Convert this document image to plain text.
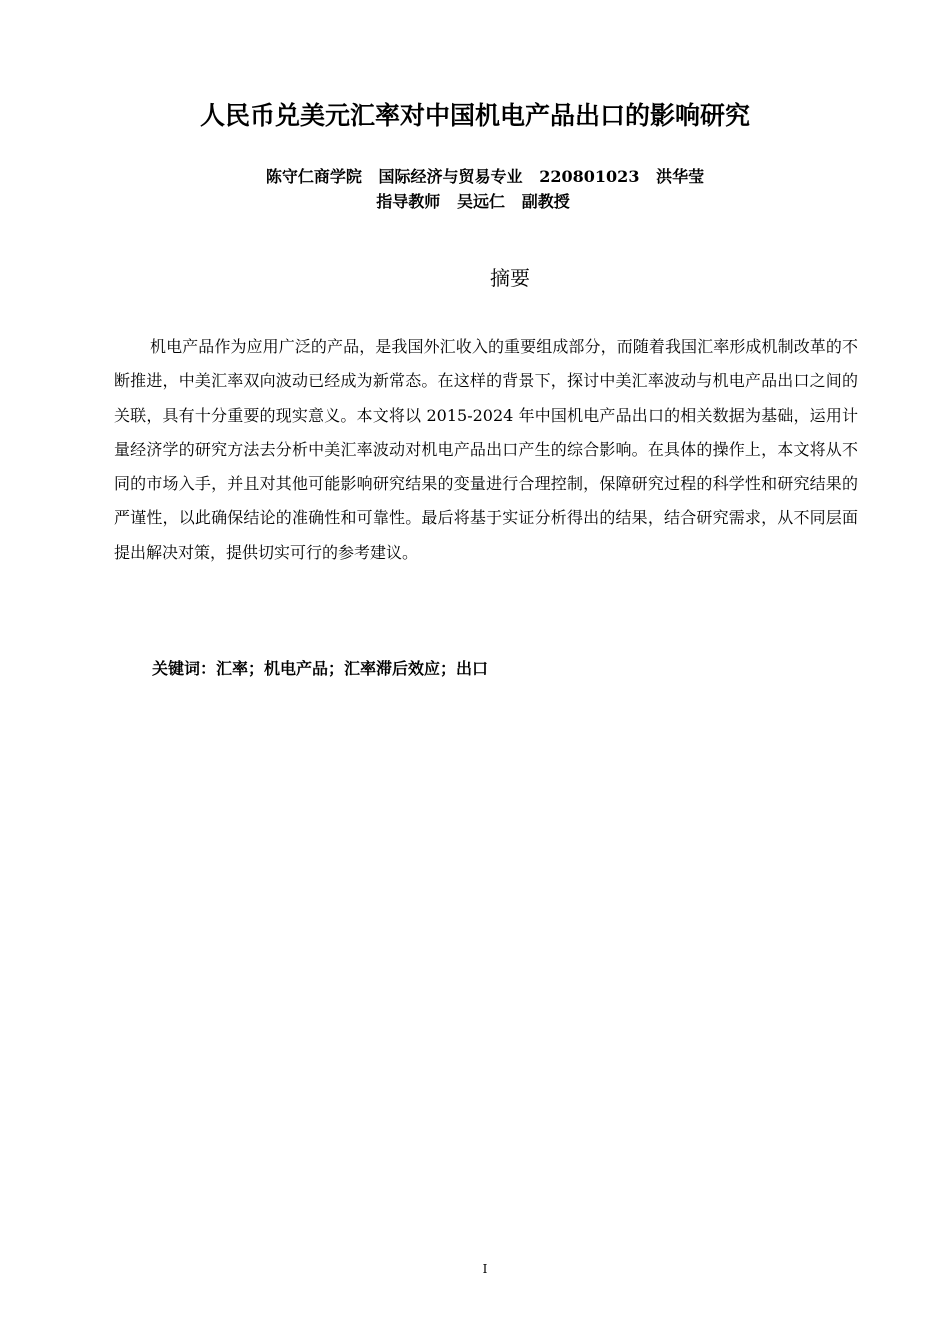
人民币兑美元汇率对中国机电产品出口的影响研究
陈守仁商学院   国际经济与贸易专业   220801023   洪华莹
指导教师   吴远仁   副教授
摘要

机电产品作为应用广泛的产品，是我国外汇收入的重要组成部分，而随着我国汇率形成机制改革的不断推进，中美汇率双向波动已经成为新常态。在这样的背景下，探讨中美汇率波动与机电产品出口之间的关联，具有十分重要的现实意义。本文将以 2015-2024 年中国机电产品出口的相关数据为基础，运用计量经济学的研究方法去分析中美汇率波动对机电产品出口产生的综合影响。在具体的操作上，本文将从不同的市场入手，并且对其他可能影响研究结果的变量进行合理控制，保障研究过程的科学性和研究结果的严谨性，以此确保结论的准确性和可靠性。最后将基于实证分析得出的结果，结合研究需求，从不同层面提出解决对策，提供切实可行的参考建议。

关键词：汇率；机电产品；汇率滞后效应；出口

I
